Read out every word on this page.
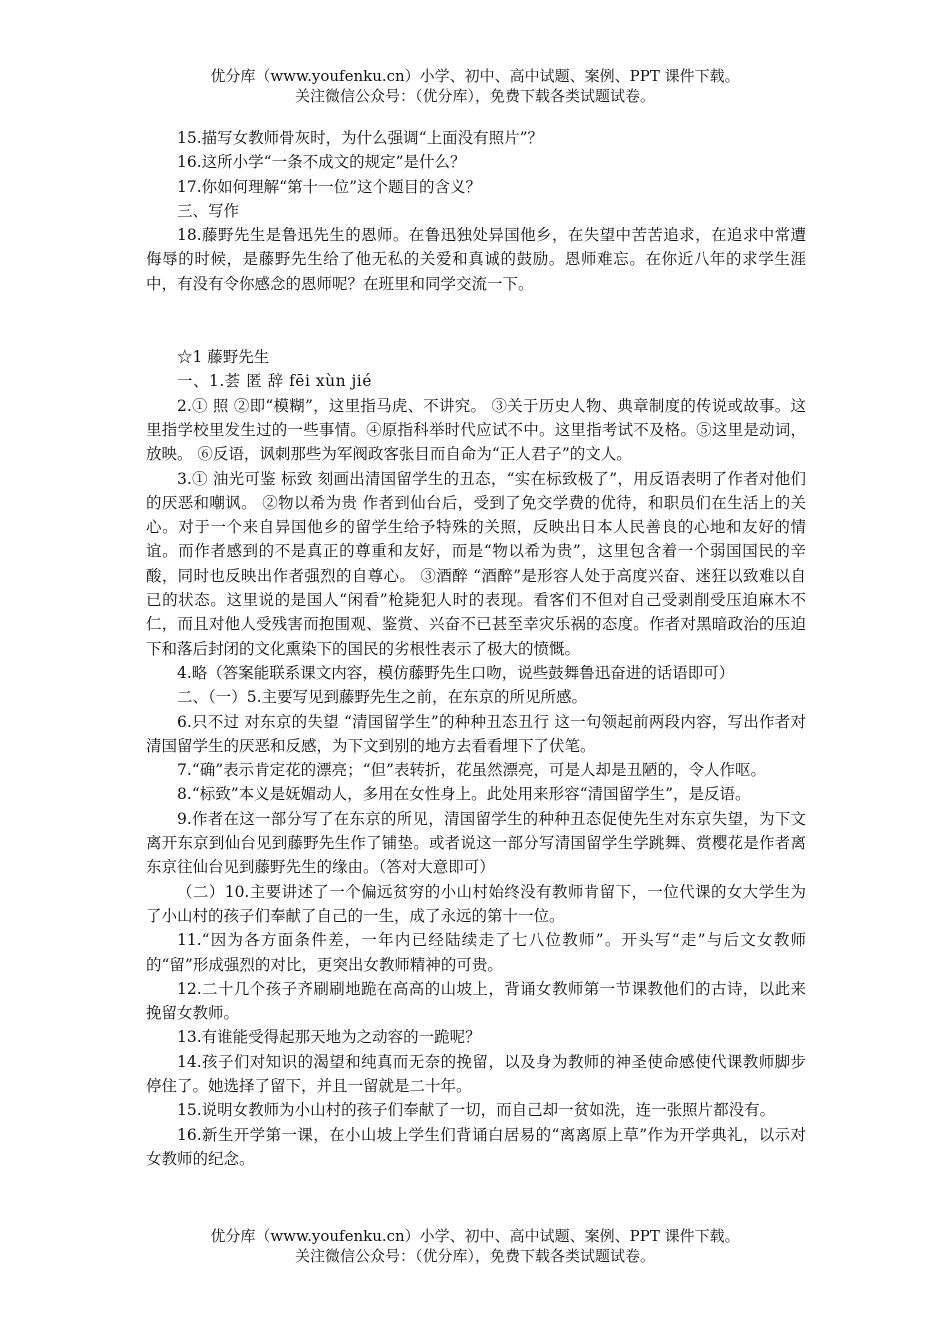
优分库（www.youfenku.cn）小学、初中、高中试题、案例、PPT 课件下载。
关注微信公众号：（优分库），免费下载各类试题试卷。

15.描写女教师骨灰时，为什么强调“上面没有照片”？

16.这所小学“一条不成文的规定”是什么？

17.你如何理解“第十一位”这个题目的含义？

三、写作

18.藤野先生是鲁迅先生的恩师。在鲁迅独处异国他乡，在失望中苦苦追求，在追求中常遭侮辱的时候，是藤野先生给了他无私的关爱和真诚的鼓励。恩师难忘。在你近八年的求学生涯中，有没有令你感念的恩师呢？在班里和同学交流一下。

☆1 藤野先生

一、1.荟 匿 辞 fēi xùn jié

2.① 照 ②即“模糊”，这里指马虎、不讲究。 ③关于历史人物、典章制度的传说或故事。这里指学校里发生过的一些事情。④原指科举时代应试不中。这里指考试不及格。⑤这里是动词，放映。 ⑥反语，讽刺那些为军阀政客张目而自命为“正人君子”的文人。

3.① 油光可鉴 标致 刻画出清国留学生的丑态，“实在标致极了”，用反语表明了作者对他们的厌恶和嘲讽。 ②物以希为贵 作者到仙台后，受到了免交学费的优待，和职员们在生活上的关心。对于一个来自异国他乡的留学生给予特殊的关照，反映出日本人民善良的心地和友好的情谊。而作者感到的不是真正的尊重和友好，而是“物以希为贵”，这里包含着一个弱国国民的辛酸，同时也反映出作者强烈的自尊心。 ③酒醉 “酒醉”是形容人处于高度兴奋、迷狂以致难以自已的状态。这里说的是国人“闲看”枪毙犯人时的表现。看客们不但对自己受剥削受压迫麻木不仁，而且对他人受残害而抱围观、鉴赏、兴奋不已甚至幸灾乐祸的态度。作者对黑暗政治的压迫下和落后封闭的文化熏染下的国民的劣根性表示了极大的愤慨。

4.略（答案能联系课文内容，模仿藤野先生口吻，说些鼓舞鲁迅奋进的话语即可）

二、（一）5.主要写见到藤野先生之前，在东京的所见所感。

6.只不过 对东京的失望 “清国留学生”的种种丑态丑行 这一句领起前两段内容，写出作者对清国留学生的厌恶和反感，为下文到别的地方去看看埋下了伏笔。

7.“确”表示肯定花的漂亮；“但”表转折，花虽然漂亮，可是人却是丑陋的，令人作呕。

8.“标致”本义是妩媚动人，多用在女性身上。此处用来形容“清国留学生”，是反语。

9.作者在这一部分写了在东京的所见，清国留学生的种种丑态促使先生对东京失望，为下文离开东京到仙台见到藤野先生作了铺垫。或者说这一部分写清国留学生学跳舞、赏樱花是作者离东京往仙台见到藤野先生的缘由。（答对大意即可）

（二）10.主要讲述了一个偏远贫穷的小山村始终没有教师肯留下，一位代课的女大学生为了小山村的孩子们奉献了自己的一生，成了永远的第十一位。

11.“因为各方面条件差，一年内已经陆续走了七八位教师”。开头写“走”与后文女教师的“留”形成强烈的对比，更突出女教师精神的可贵。

12.二十几个孩子齐刷刷地跪在高高的山坡上，背诵女教师第一节课教他们的古诗，以此来挽留女教师。

13.有谁能受得起那天地为之动容的一跪呢？

14.孩子们对知识的渴望和纯真而无奈的挽留，以及身为教师的神圣使命感使代课教师脚步停住了。她选择了留下，并且一留就是二十年。

15.说明女教师为小山村的孩子们奉献了一切，而自己却一贫如洗，连一张照片都没有。

16.新生开学第一课，在小山坡上学生们背诵白居易的“离离原上草”作为开学典礼，以示对女教师的纪念。

优分库（www.youfenku.cn）小学、初中、高中试题、案例、PPT 课件下载。
关注微信公众号：（优分库），免费下载各类试题试卷。
